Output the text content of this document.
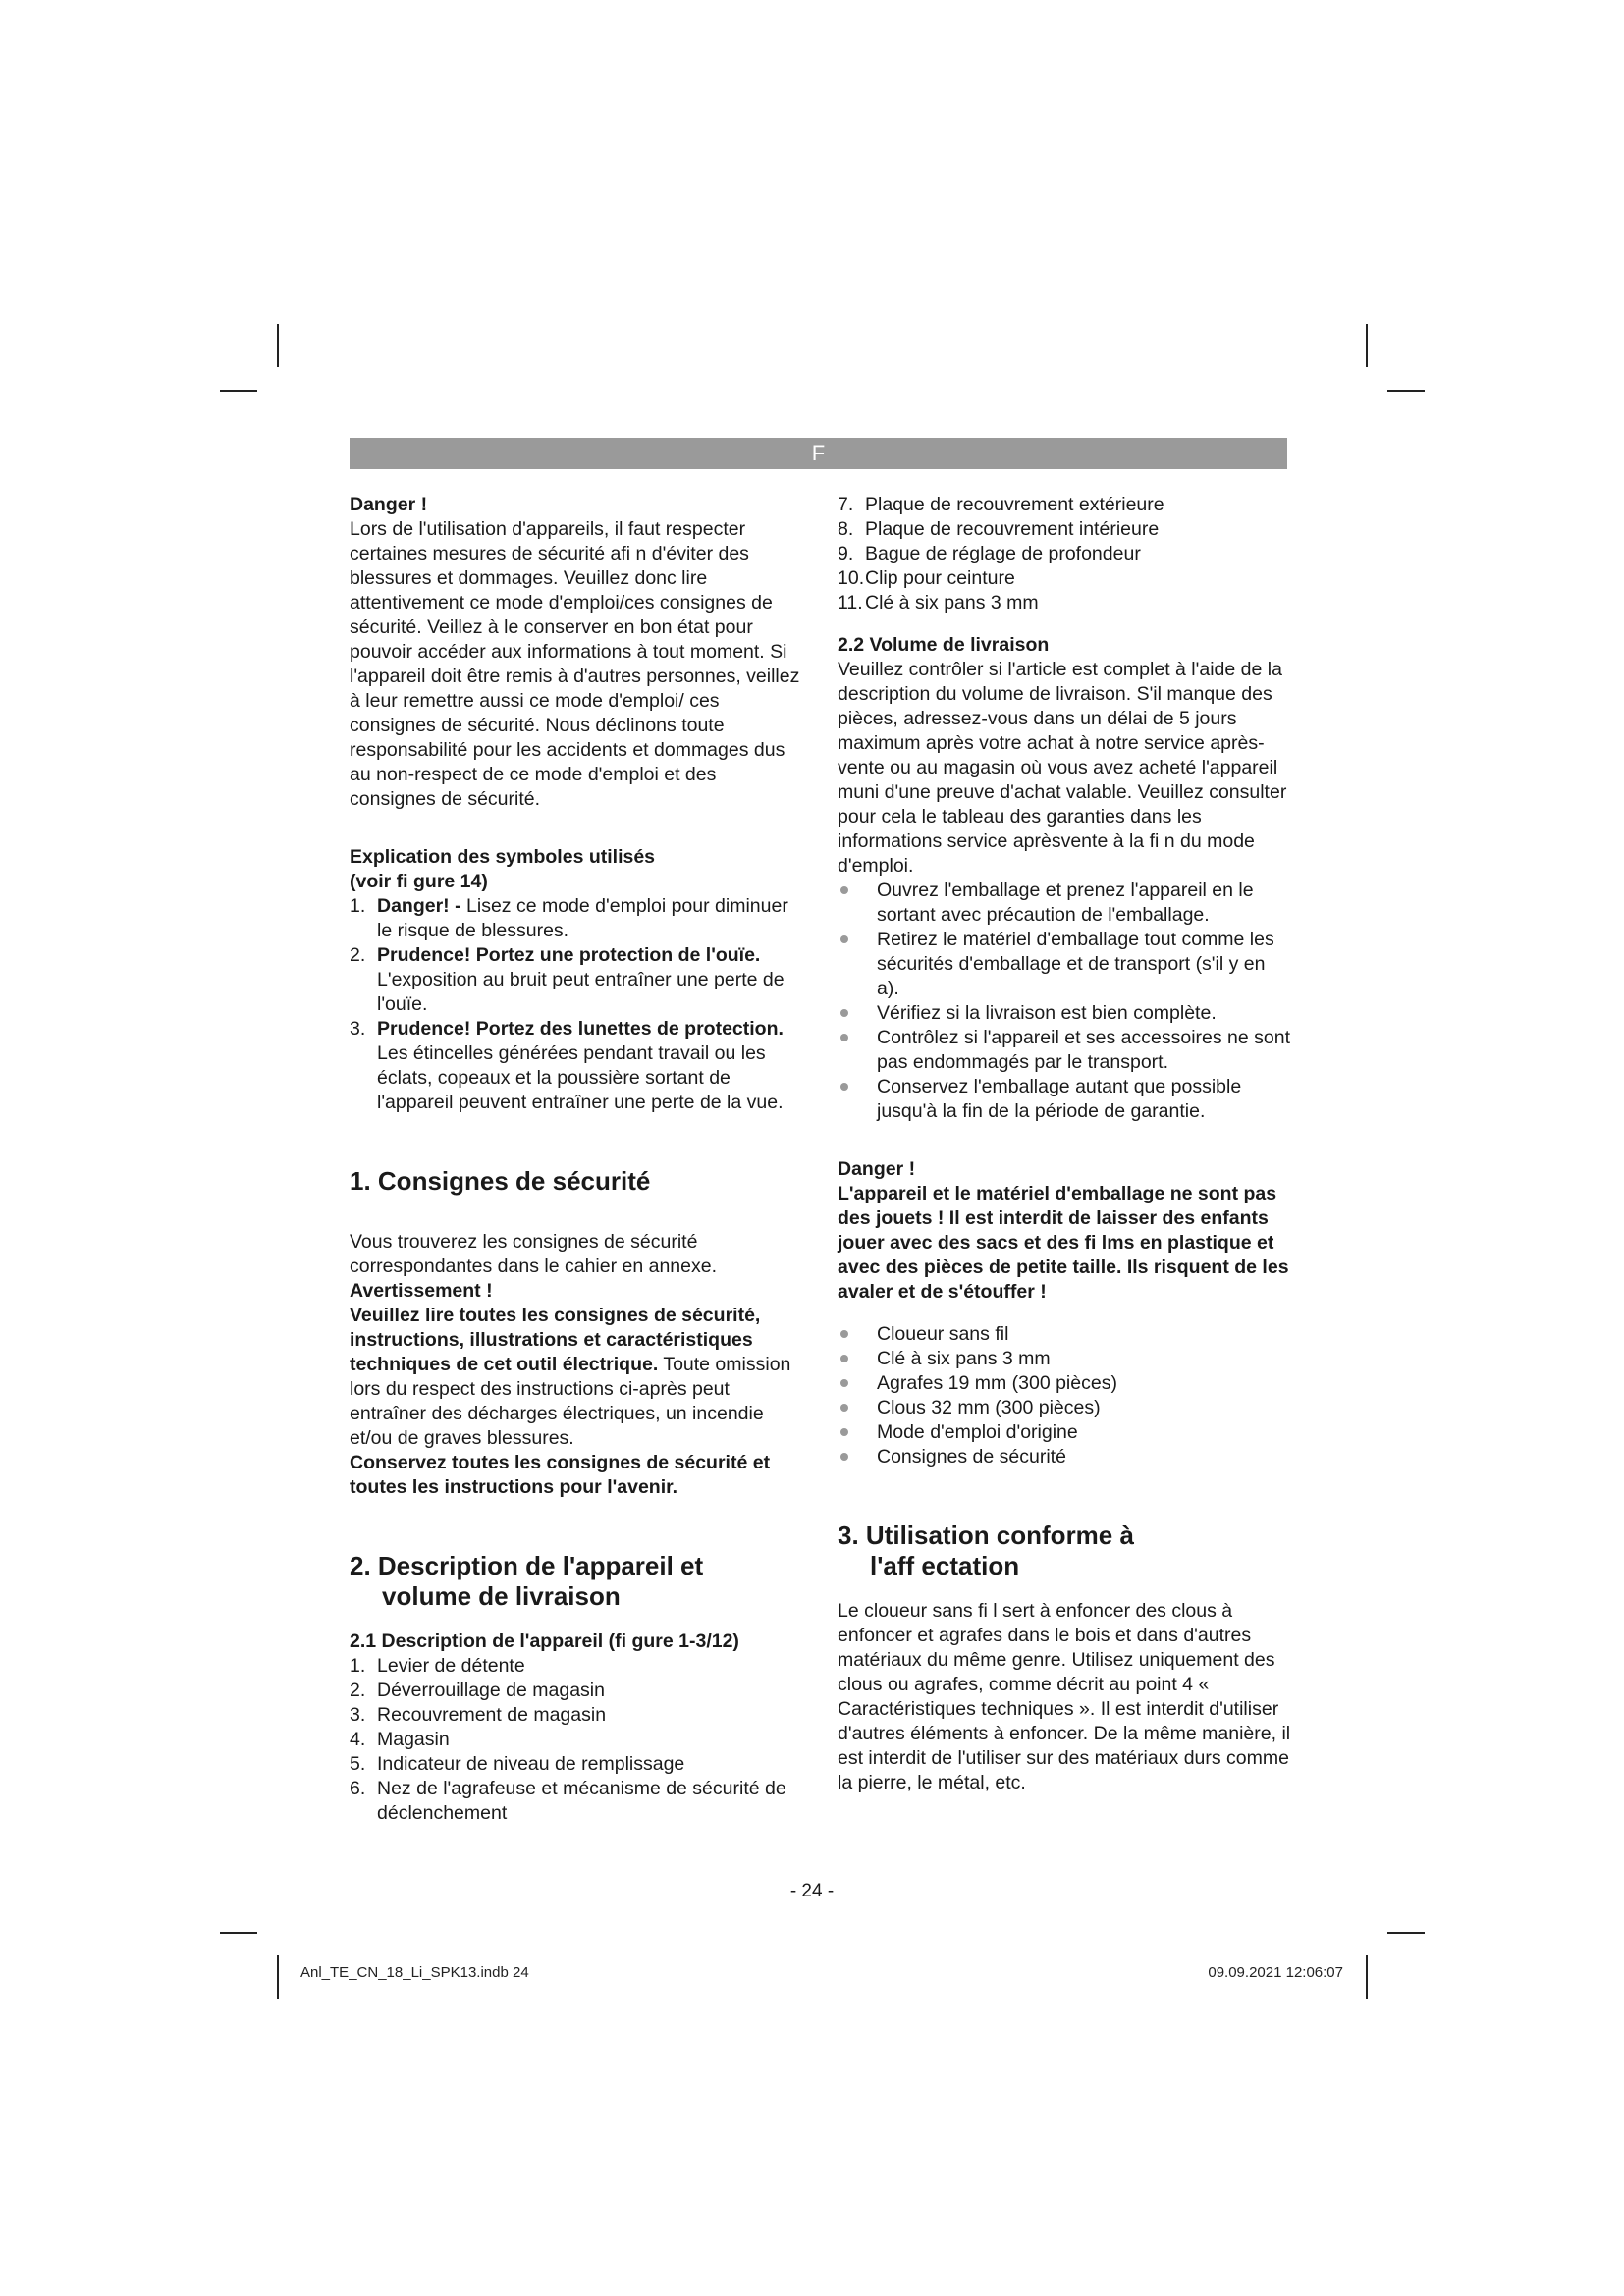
F

Danger !

Lors de l'utilisation d'appareils, il faut respecter certaines mesures de sécurité afi n d'éviter des blessures et dommages. Veuillez donc lire attentivement ce mode d'emploi/ces consignes de sécurité. Veillez à le conserver en bon état pour pouvoir accéder aux informations à tout moment. Si l'appareil doit être remis à d'autres personnes, veillez à leur remettre aussi ce mode d'emploi/ ces consignes de sécurité. Nous déclinons toute responsabilité pour les accidents et dommages dus au non-respect de ce mode d'emploi et des consignes de sécurité.

Explication des symboles utilisés

(voir fi gure 14)

1. Danger! - Lisez ce mode d'emploi pour diminuer le risque de blessures.
2. Prudence! Portez une protection de l'ouïe. L'exposition au bruit peut entraîner une perte de l'ouïe.
3. Prudence! Portez des lunettes de protection. Les étincelles générées pendant travail ou les éclats, copeaux et la poussière sortant de l'appareil peuvent entraîner une perte de la vue.

1. Consignes de sécurité

Vous trouverez les consignes de sécurité correspondantes dans le cahier en annexe.

Avertissement !

Veuillez lire toutes les consignes de sécurité, instructions, illustrations et caractéristiques techniques de cet outil électrique. Toute omission lors du respect des instructions ci-après peut entraîner des décharges électriques, un incendie et/ou de graves blessures.

Conservez toutes les consignes de sécurité et toutes les instructions pour l'avenir.

2. Description de l'appareil et
volume de livraison

2.1 Description de l'appareil (fi gure 1-3/12)

1. Levier de détente
2. Déverrouillage de magasin
3. Recouvrement de magasin
4. Magasin
5. Indicateur de niveau de remplissage
6. Nez de l'agrafeuse et mécanisme de sécurité de déclenchement
7. Plaque de recouvrement extérieure
8. Plaque de recouvrement intérieure
9. Bague de réglage de profondeur
10. Clip pour ceinture
11. Clé à six pans 3 mm

2.2 Volume de livraison

Veuillez contrôler si l'article est complet à l'aide de la description du volume de livraison. S'il manque des pièces, adressez-vous dans un délai de 5 jours maximum après votre achat à notre service après-vente ou au magasin où vous avez acheté l'appareil muni d'une preuve d'achat valable. Veuillez consulter pour cela le tableau des garanties dans les informations service aprèsvente à la fi n du mode d'emploi.

Ouvrez l'emballage et prenez l'appareil en le sortant avec précaution de l'emballage.
Retirez le matériel d'emballage tout comme les sécurités d'emballage et de transport (s'il y en a).
Vérifiez si la livraison est bien complète.
Contrôlez si l'appareil et ses accessoires ne sont pas endommagés par le transport.
Conservez l'emballage autant que possible jusqu'à la fin de la période de garantie.

Danger !

L'appareil et le matériel d'emballage ne sont pas des jouets ! Il est interdit de laisser des enfants jouer avec des sacs et des fi lms en plastique et avec des pièces de petite taille. Ils risquent de les avaler et de s'étouffer !

Cloueur sans fil
Clé à six pans 3 mm
Agrafes 19 mm (300 pièces)
Clous 32 mm (300 pièces)
Mode d'emploi d'origine
Consignes de sécurité

3. Utilisation conforme à
l'aff ectation

Le cloueur sans fi l sert à enfoncer des clous à enfoncer et agrafes dans le bois et dans d'autres matériaux du même genre. Utilisez uniquement des clous ou agrafes, comme décrit au point 4 « Caractéristiques techniques ». Il est interdit d'utiliser d'autres éléments à enfoncer. De la même manière, il est interdit de l'utiliser sur des matériaux durs comme la pierre, le métal, etc.

- 24 -
Anl_TE_CN_18_Li_SPK13.indb 24	09.09.2021 12:06:07
